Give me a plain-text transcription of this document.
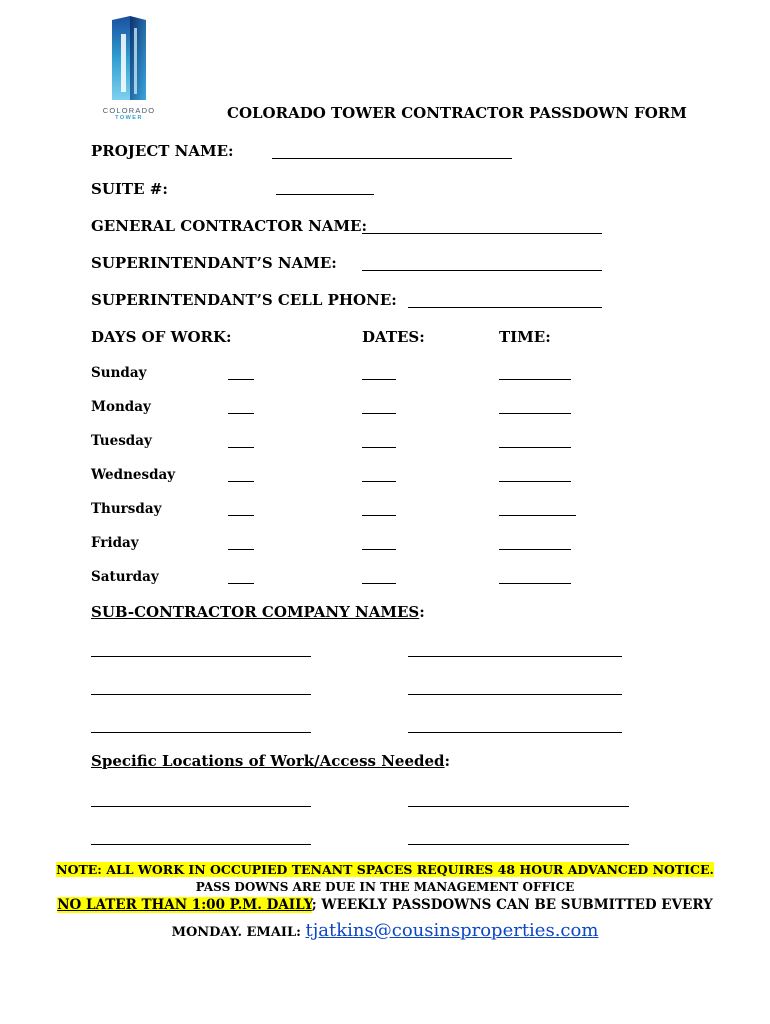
COLORADO
TOWER	COLORADO TOWER CONTRACTOR PASSDOWN FORM
PROJECT NAME:
SUITE #:
GENERAL CONTRACTOR NAME:
SUPERINTENDANT’S NAME:
SUPERINTENDANT’S CELL PHONE:
DAYS OF WORK:	DATES:	TIME:
Sunday
Monday
Tuesday
Wednesday
Thursday
Friday
Saturday
SUB-CONTRACTOR COMPANY NAMES:
Specific Locations of Work/Access Needed:
NOTE: ALL WORK IN OCCUPIED TENANT SPACES REQUIRES 48 HOUR ADVANCED NOTICE.
PASS DOWNS ARE DUE IN THE MANAGEMENT OFFICE
NO LATER THAN 1:00 P.M. DAILY; WEEKLY PASSDOWNS CAN BE SUBMITTED EVERY
MONDAY. EMAIL: tjatkins@cousinsproperties.com
